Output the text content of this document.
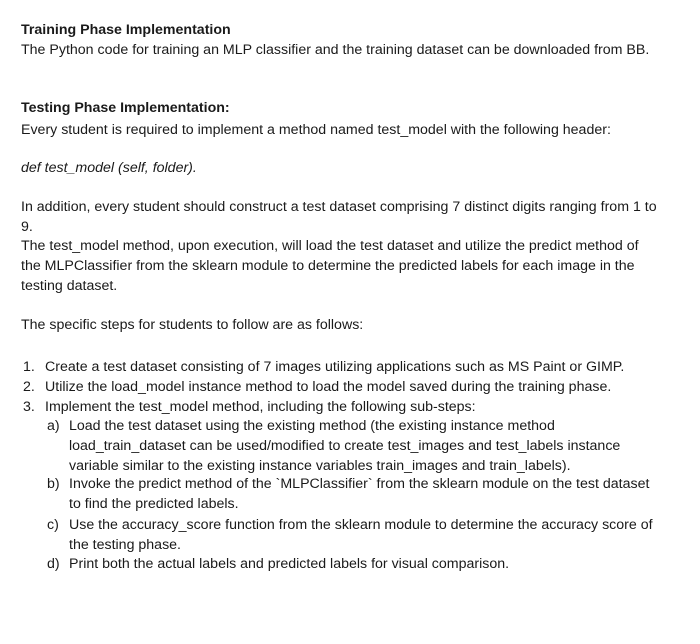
Training Phase Implementation

The Python code for training an MLP classifier and the training dataset can be downloaded from BB.

Testing Phase Implementation:

Every student is required to implement a method named test_model with the following header:

def test_model (self, folder).

In addition, every student should construct a test dataset comprising 7 distinct digits ranging from 1 to 9.

The test_model method, upon execution, will load the test dataset and utilize the predict method of the MLPClassifier from the sklearn module to determine the predicted labels for each image in the testing dataset.

The specific steps for students to follow are as follows:

1. Create a test dataset consisting of 7 images utilizing applications such as MS Paint or GIMP.

2. Utilize the load_model instance method to load the model saved during the training phase.

3. Implement the test_model method, including the following sub-steps:

a) Load the test dataset using the existing method (the existing instance method load_train_dataset can be used/modified to create test_images and test_labels instance variable similar to the existing instance variables train_images and train_labels).

b) Invoke the predict method of the `MLPClassifier` from the sklearn module on the test dataset to find the predicted labels.

c) Use the accuracy_score function from the sklearn module to determine the accuracy score of the testing phase.

d) Print both the actual labels and predicted labels for visual comparison.
